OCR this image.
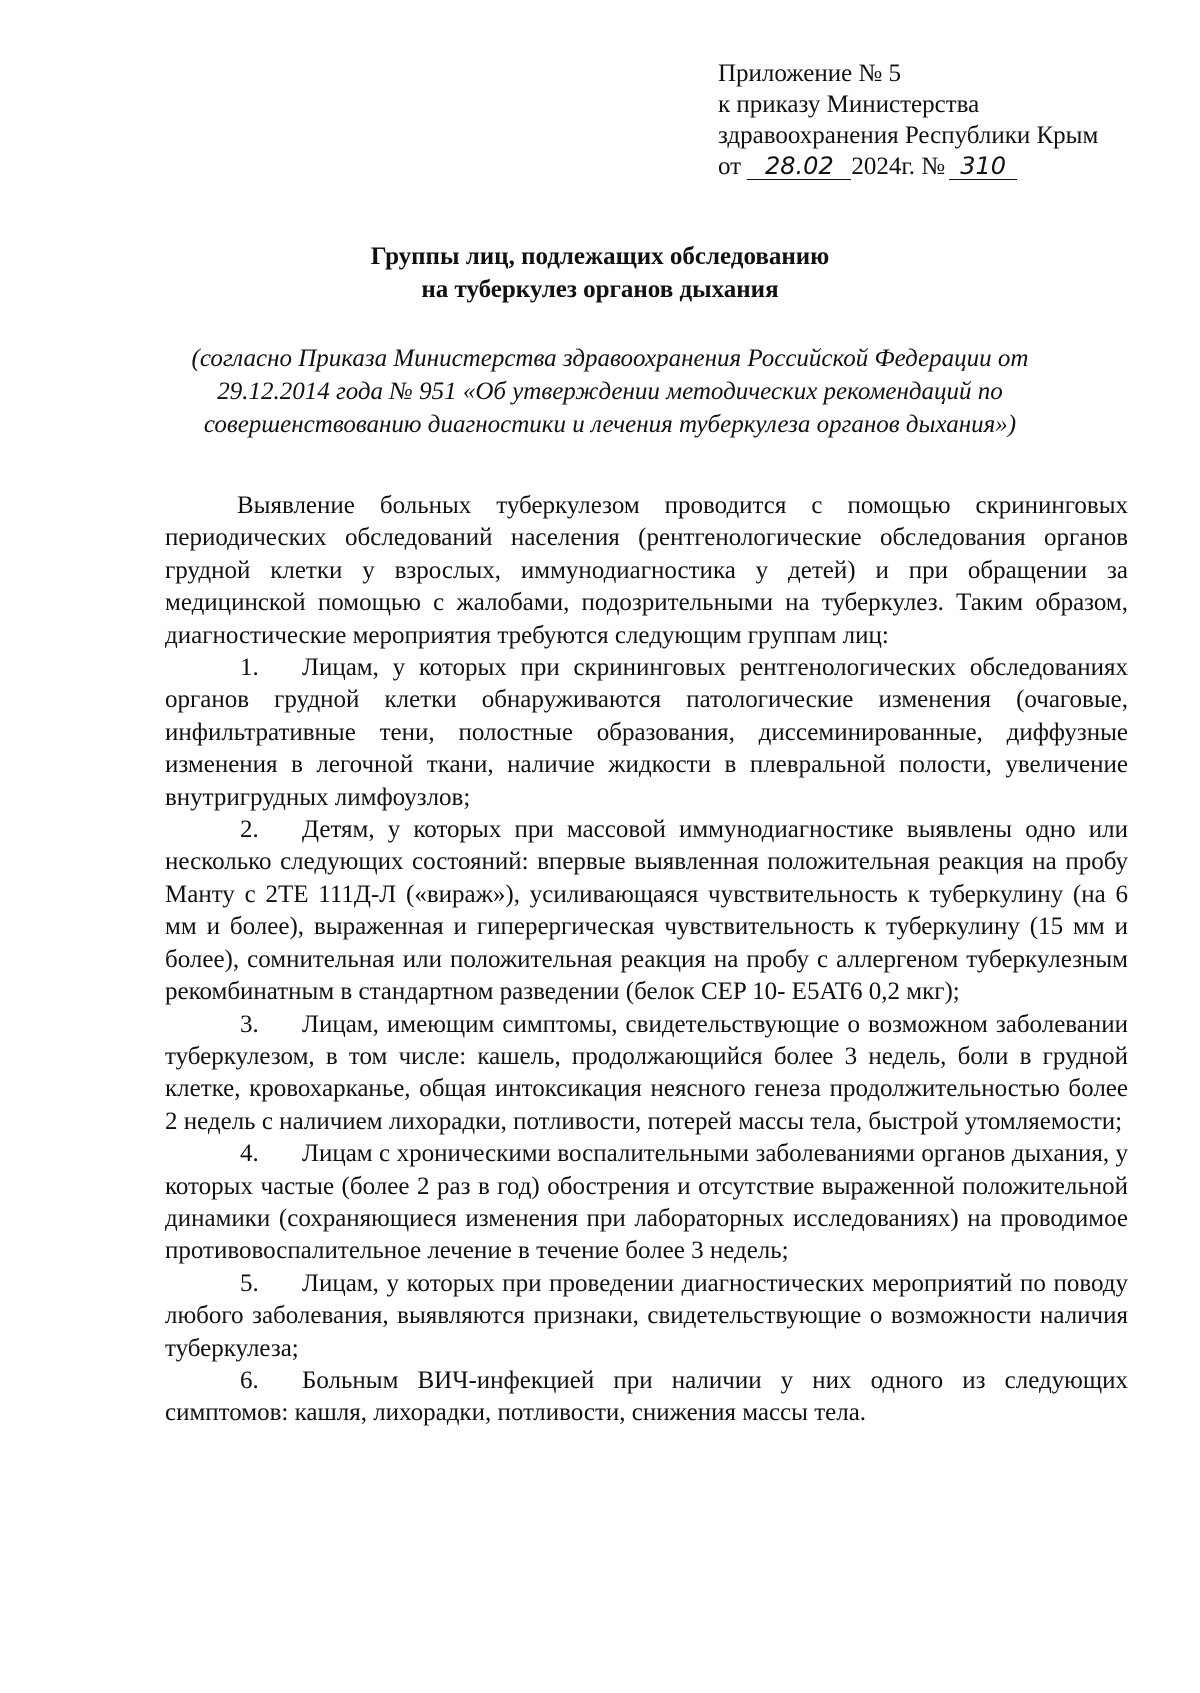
Приложение № 5
к приказу Министерства
здравоохранения Республики Крым
от 28.02 2024г. № 310
Группы лиц, подлежащих обследованию
на туберкулез органов дыхания
(согласно Приказа Министерства здравоохранения Российской Федерации от 29.12.2014 года № 951 «Об утверждении методических рекомендаций по совершенствованию диагностики и лечения туберкулеза органов дыхания»)

Выявление больных туберкулезом проводится с помощью скрининговых периодических обследований населения (рентгенологические обследования органов грудной клетки у взрослых, иммунодиагностика у детей) и при обращении за медицинской помощью с жалобами, подозрительными на туберкулез. Таким образом, диагностические мероприятия требуются следующим группам лиц:

1. Лицам, у которых при скрининговых рентгенологических обследованиях органов грудной клетки обнаруживаются патологические изменения (очаговые, инфильтративные тени, полостные образования, диссеминированные, диффузные изменения в легочной ткани, наличие жидкости в плевральной полости, увеличение внутригрудных лимфоузлов;

2. Детям, у которых при массовой иммунодиагностике выявлены одно или несколько следующих состояний: впервые выявленная положительная реакция на пробу Манту с 2ТЕ 111Д-Л («вираж»), усиливающаяся чувствительность к туберкулину (на 6 мм и более), выраженная и гиперергическая чувствительность к туберкулину (15 мм и более), сомнительная или положительная реакция на пробу с аллергеном туберкулезным рекомбинатным в стандартном разведении (белок CEP 10- E5AT6 0,2 мкг);

3. Лицам, имеющим симптомы, свидетельствующие о возможном заболевании туберкулезом, в том числе: кашель, продолжающийся более 3 недель, боли в грудной клетке, кровохарканье, общая интоксикация неясного генеза продолжительностью более 2 недель с наличием лихорадки, потливости, потерей массы тела, быстрой утомляемости;

4. Лицам с хроническими воспалительными заболеваниями органов дыхания, у которых частые (более 2 раз в год) обострения и отсутствие выраженной положительной динамики (сохраняющиеся изменения при лабораторных исследованиях) на проводимое противовоспалительное лечение в течение более 3 недель;

5. Лицам, у которых при проведении диагностических мероприятий по поводу любого заболевания, выявляются признаки, свидетельствующие о возможности наличия туберкулеза;

6. Больным ВИЧ-инфекцией при наличии у них одного из следующих симптомов: кашля, лихорадки, потливости, снижения массы тела.
